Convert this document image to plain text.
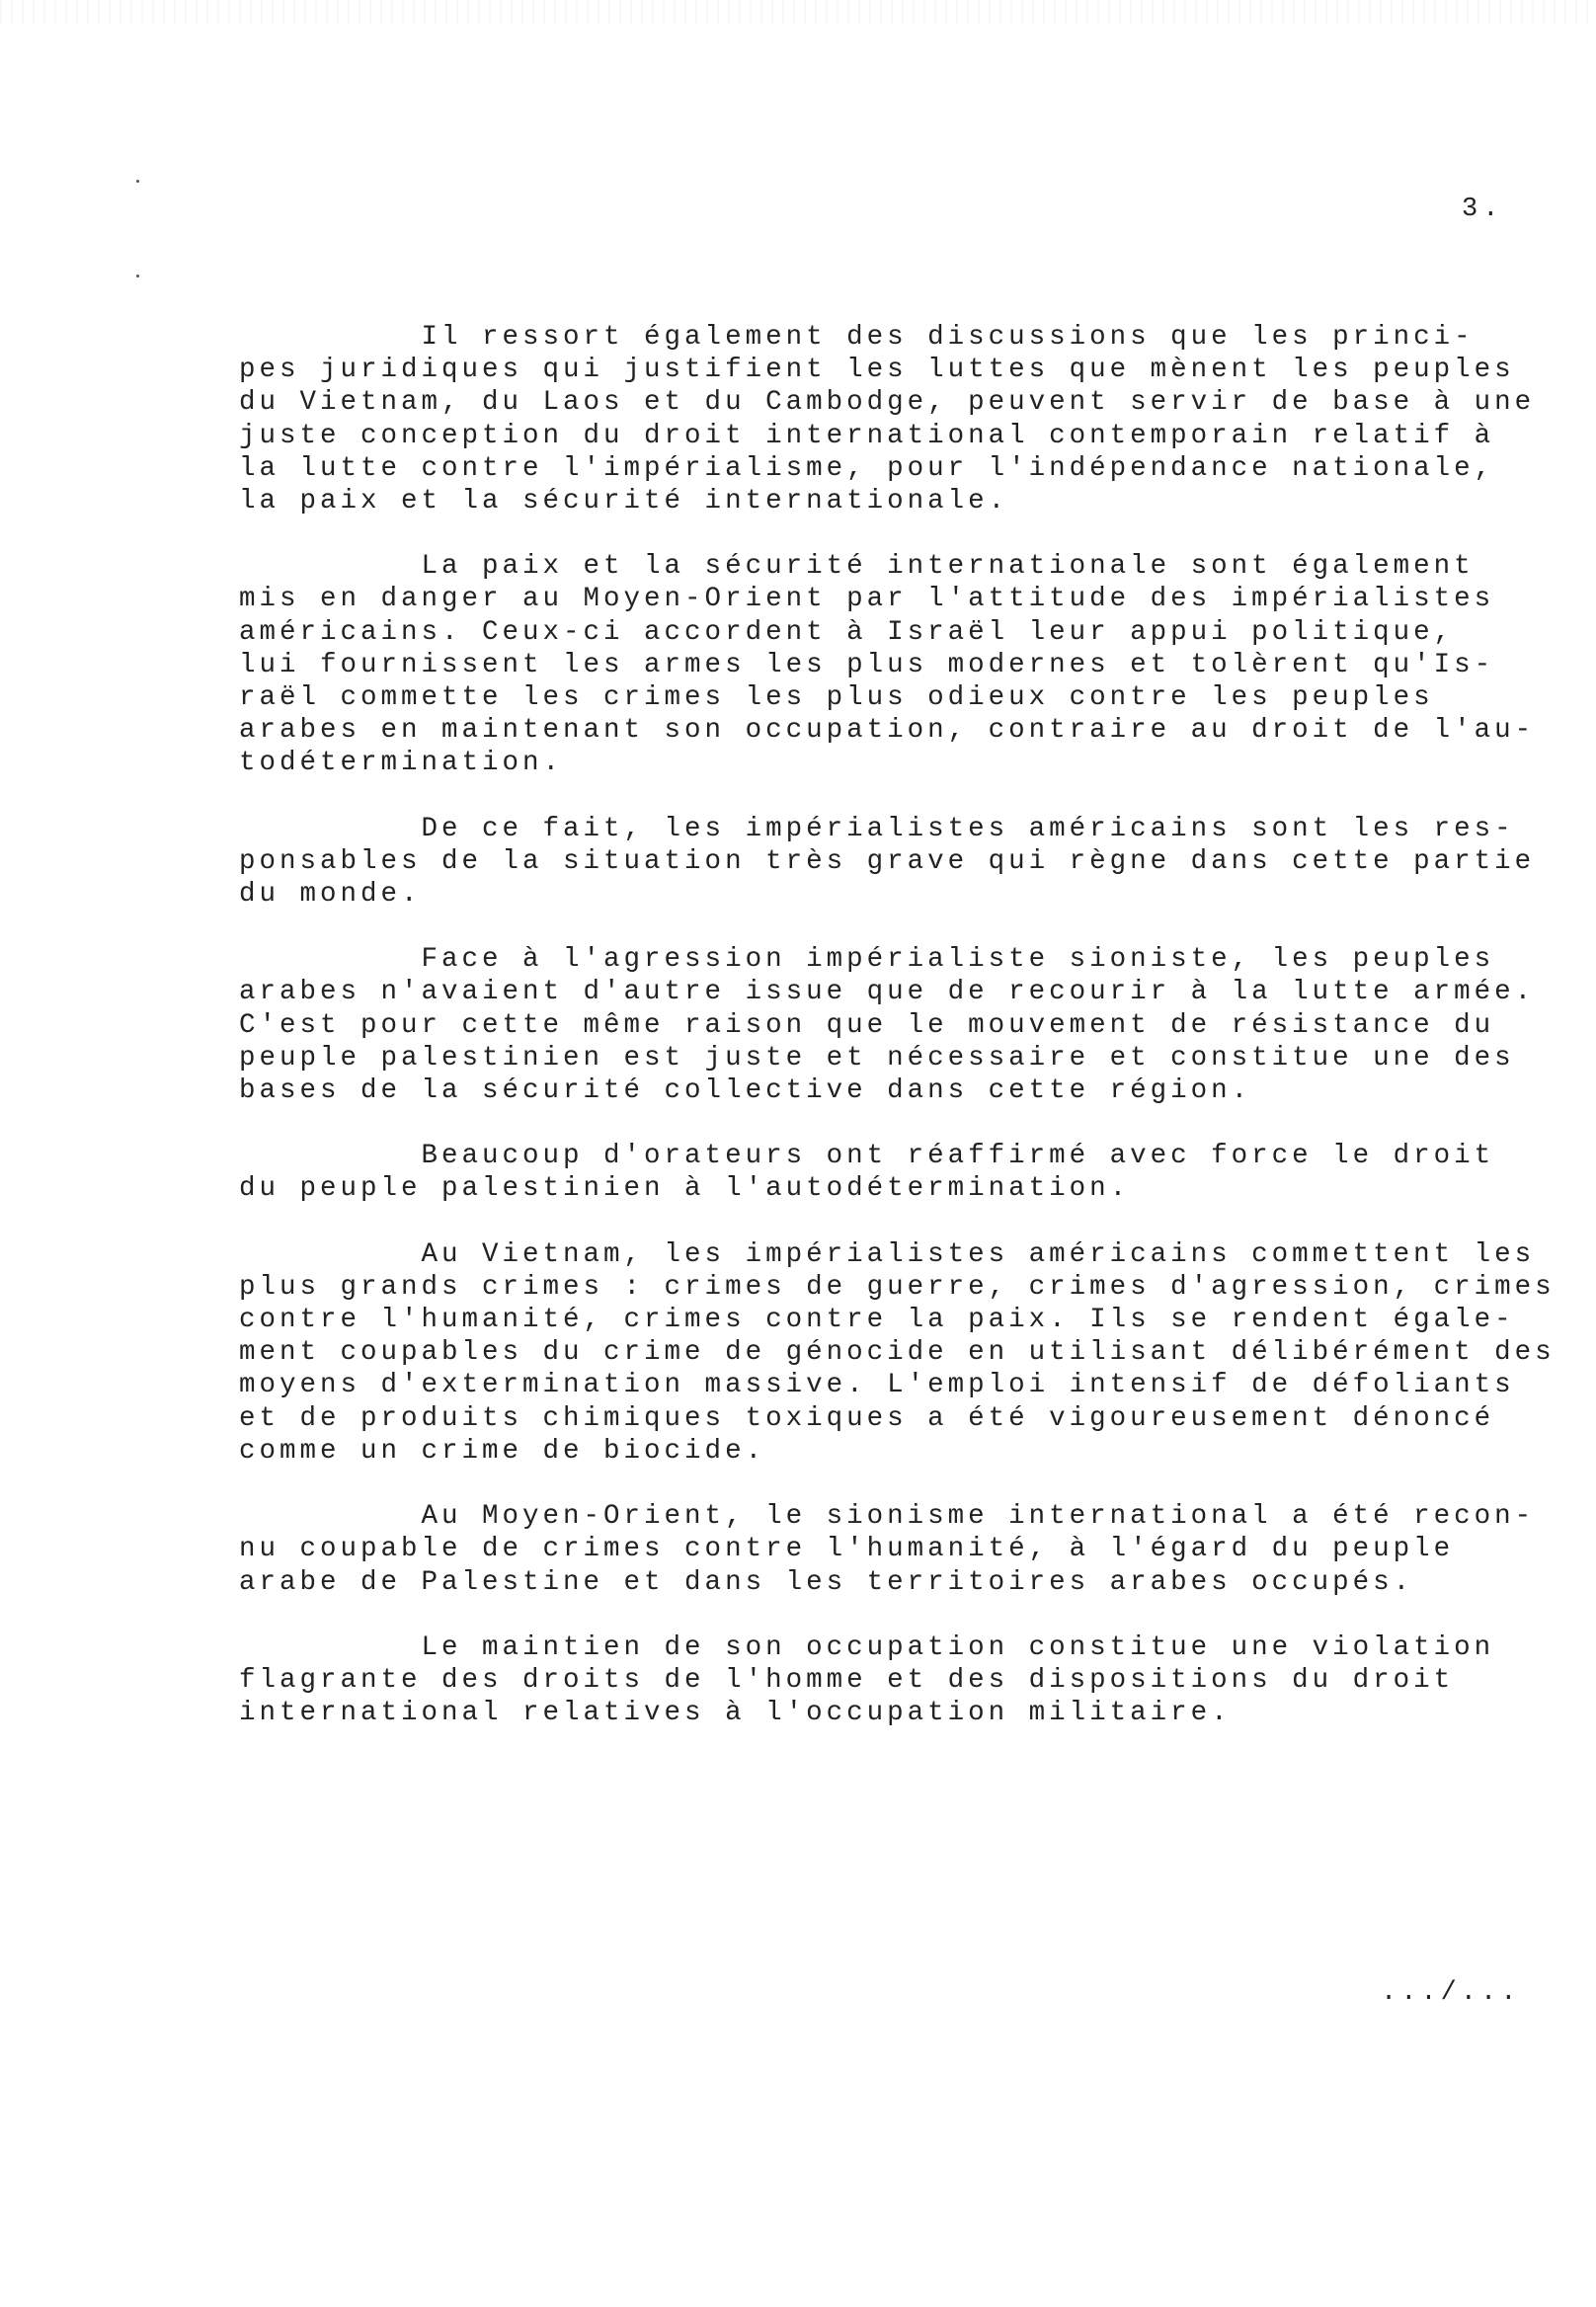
3.
Il ressort également des discussions que les princi-
pes juridiques qui justifient les luttes que mènent les peuples
du Vietnam, du Laos et du Cambodge, peuvent servir de base à une
juste conception du droit international contemporain relatif à
la lutte contre l'impérialisme, pour l'indépendance nationale,
la paix et la sécurité internationale.
La paix et la sécurité internationale sont également
mis en danger au Moyen-Orient par l'attitude des impérialistes
américains. Ceux-ci accordent à Israël leur appui politique,
lui fournissent les armes les plus modernes et tolèrent qu'Is-
raël commette les crimes les plus odieux contre les peuples
arabes en maintenant son occupation, contraire au droit de l'au-
todétermination.
De ce fait, les impérialistes américains sont les res-
ponsables de la situation très grave qui règne dans cette partie
du monde.
Face à l'agression impérialiste sioniste, les peuples
arabes n'avaient d'autre issue que de recourir à la lutte armée.
C'est pour cette même raison que le mouvement de résistance du
peuple palestinien est juste et nécessaire et constitue une des
bases de la sécurité collective dans cette région.
Beaucoup d'orateurs ont réaffirmé avec force le droit
du peuple palestinien à l'autodétermination.
Au Vietnam, les impérialistes américains commettent les
plus grands crimes : crimes de guerre, crimes d'agression, crimes
contre l'humanité, crimes contre la paix. Ils se rendent égale-
ment coupables du crime de génocide en utilisant délibérément des
moyens d'extermination massive. L'emploi intensif de défoliants
et de produits chimiques toxiques a été vigoureusement dénoncé
comme un crime de biocide.
Au Moyen-Orient, le sionisme international a été recon-
nu coupable de crimes contre l'humanité, à l'égard du peuple
arabe de Palestine et dans les territoires arabes occupés.
Le maintien de son occupation constitue une violation
flagrante des droits de l'homme et des dispositions du droit
international relatives à l'occupation militaire.
.../...
